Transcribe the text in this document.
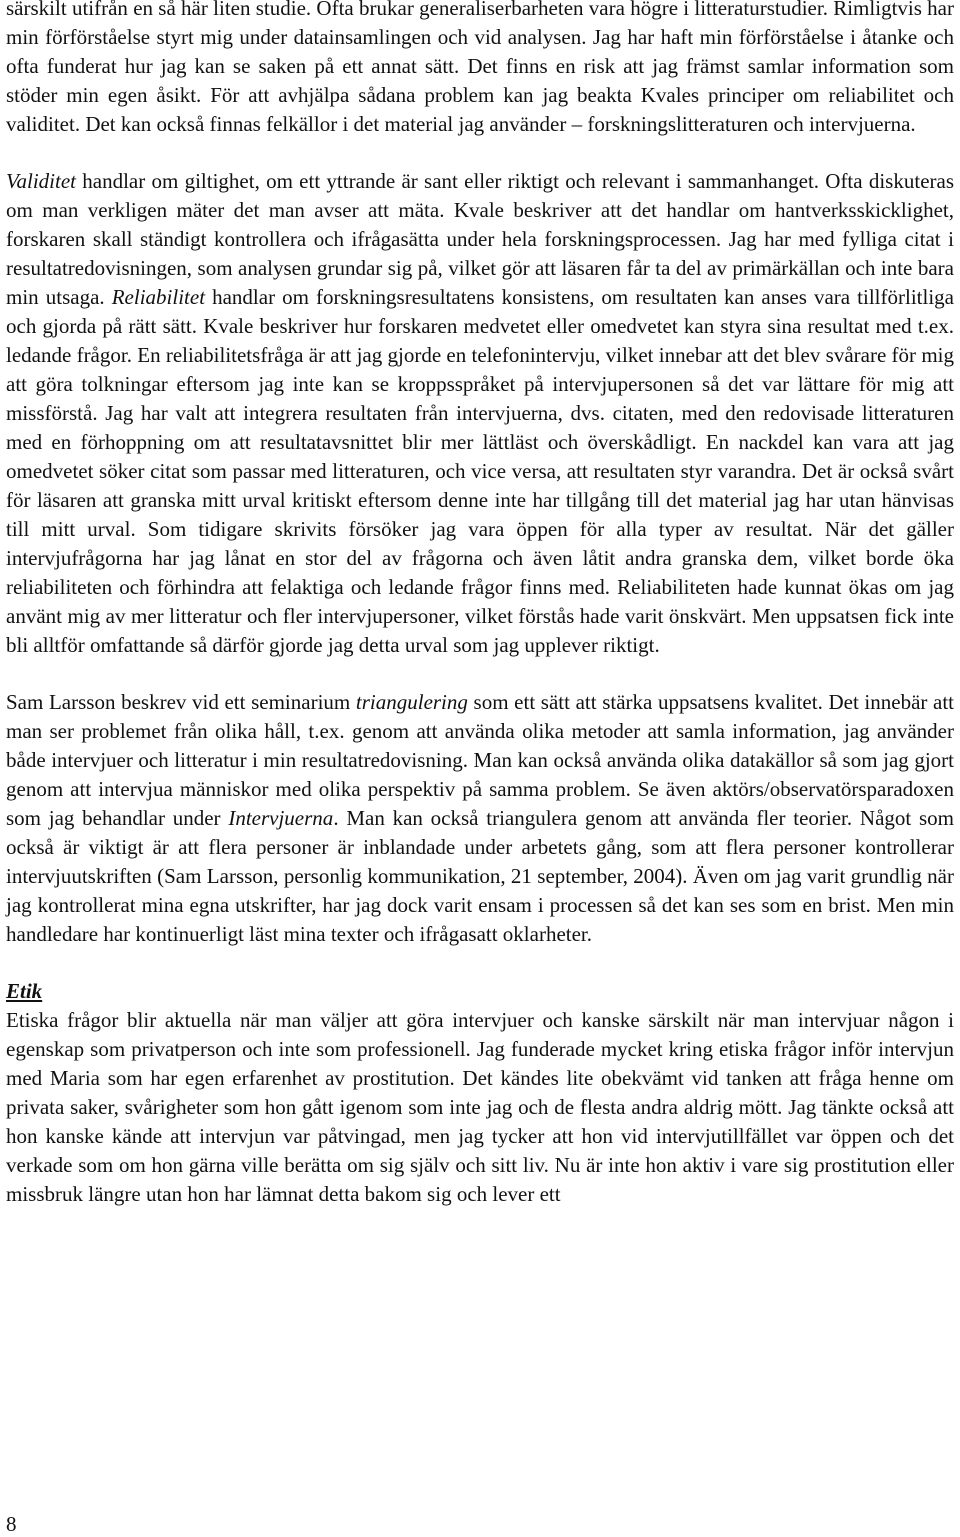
särskilt utifrån en så här liten studie. Ofta brukar generaliserbarheten vara högre i litteraturstudier. Rimligtvis har min förförståelse styrt mig under datainsamlingen och vid analysen. Jag har haft min förförståelse i åtanke och ofta funderat hur jag kan se saken på ett annat sätt. Det finns en risk att jag främst samlar information som stöder min egen åsikt. För att avhjälpa sådana problem kan jag beakta Kvales principer om reliabilitet och validitet. Det kan också finnas felkällor i det material jag använder – forskningslitteraturen och intervjuerna.

Validitet handlar om giltighet, om ett yttrande är sant eller riktigt och relevant i sammanhanget. Ofta diskuteras om man verkligen mäter det man avser att mäta. Kvale beskriver att det handlar om hantverksskicklighet, forskaren skall ständigt kontrollera och ifrågasätta under hela forskningsprocessen. Jag har med fylliga citat i resultatredovisningen, som analysen grundar sig på, vilket gör att läsaren får ta del av primärkällan och inte bara min utsaga. Reliabilitet handlar om forskningsresultatens konsistens, om resultaten kan anses vara tillförlitliga och gjorda på rätt sätt. Kvale beskriver hur forskaren medvetet eller omedvetet kan styra sina resultat med t.ex. ledande frågor. En reliabilitetsfråga är att jag gjorde en telefonintervju, vilket innebar att det blev svårare för mig att göra tolkningar eftersom jag inte kan se kroppsspråket på intervjupersonen så det var lättare för mig att missförstå. Jag har valt att integrera resultaten från intervjuerna, dvs. citaten, med den redovisade litteraturen med en förhoppning om att resultatavsnittet blir mer lättläst och överskådligt. En nackdel kan vara att jag omedvetet söker citat som passar med litteraturen, och vice versa, att resultaten styr varandra. Det är också svårt för läsaren att granska mitt urval kritiskt eftersom denne inte har tillgång till det material jag har utan hänvisas till mitt urval. Som tidigare skrivits försöker jag vara öppen för alla typer av resultat. När det gäller intervjufrågorna har jag lånat en stor del av frågorna och även låtit andra granska dem, vilket borde öka reliabiliteten och förhindra att felaktiga och ledande frågor finns med. Reliabiliteten hade kunnat ökas om jag använt mig av mer litteratur och fler intervjupersoner, vilket förstås hade varit önskvärt. Men uppsatsen fick inte bli alltför omfattande så därför gjorde jag detta urval som jag upplever riktigt.

Sam Larsson beskrev vid ett seminarium triangulering som ett sätt att stärka uppsatsens kvalitet. Det innebär att man ser problemet från olika håll, t.ex. genom att använda olika metoder att samla information, jag använder både intervjuer och litteratur i min resultatredovisning. Man kan också använda olika datakällor så som jag gjort genom att intervjua människor med olika perspektiv på samma problem. Se även aktörs/observatörsparadoxen som jag behandlar under Intervjuerna. Man kan också triangulera genom att använda fler teorier. Något som också är viktigt är att flera personer är inblandade under arbetets gång, som att flera personer kontrollerar intervjuutskriften (Sam Larsson, personlig kommunikation, 21 september, 2004). Även om jag varit grundlig när jag kontrollerat mina egna utskrifter, har jag dock varit ensam i processen så det kan ses som en brist. Men min handledare har kontinuerligt läst mina texter och ifrågasatt oklarheter.

Etik

Etiska frågor blir aktuella när man väljer att göra intervjuer och kanske särskilt när man intervjuar någon i egenskap som privatperson och inte som professionell. Jag funderade mycket kring etiska frågor inför intervjun med Maria som har egen erfarenhet av prostitution. Det kändes lite obekvämt vid tanken att fråga henne om privata saker, svårigheter som hon gått igenom som inte jag och de flesta andra aldrig mött. Jag tänkte också att hon kanske kände att intervjun var påtvingad, men jag tycker att hon vid intervjutillfället var öppen och det verkade som om hon gärna ville berätta om sig själv och sitt liv. Nu är inte hon aktiv i vare sig prostitution eller missbruk längre utan hon har lämnat detta bakom sig och lever ett

8
